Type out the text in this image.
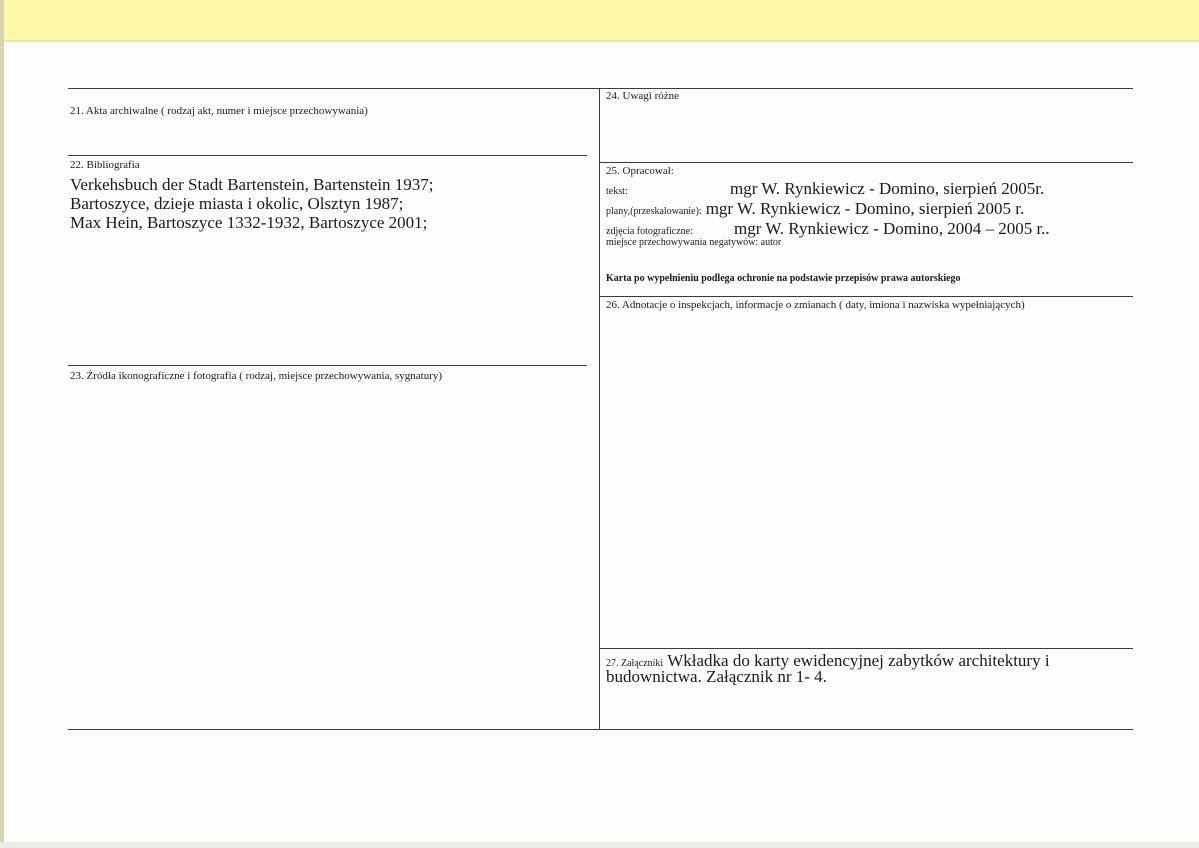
21. Akta archiwalne ( rodzaj akt, numer i miejsce przechowywania)
22. Bibliografia
Verkehsbuch der Stadt Bartenstein, Bartenstein 1937;
Bartoszyce, dzieje miasta i okolic, Olsztyn 1987;
Max Hein, Bartoszyce 1332-1932, Bartoszyce 2001;
23. Źródła ikonograficzne i fotografia ( rodzaj, miejsce przechowywania, sygnatury)
24. Uwagi różne
25. Opracował:
tekst:	mgr W. Rynkiewicz - Domino, sierpień 2005r.
plany,(przeskalowanie): mgr W. Rynkiewicz - Domino, sierpień 2005 r.
zdjęcia fotograficzne:	mgr W. Rynkiewicz - Domino, 2004 – 2005 r..
miejsce przechowywania negatywów: autor
Karta po wypełnieniu podlega ochronie na podstawie przepisów prawa autorskiego
26. Adnotacje o inspekcjach, informacje o zmianach ( daty, imiona i nazwiska wypełniających)
27. Załączniki Wkładka do karty ewidencyjnej zabytków architektury i
budownictwa. Załącznik nr 1- 4.
